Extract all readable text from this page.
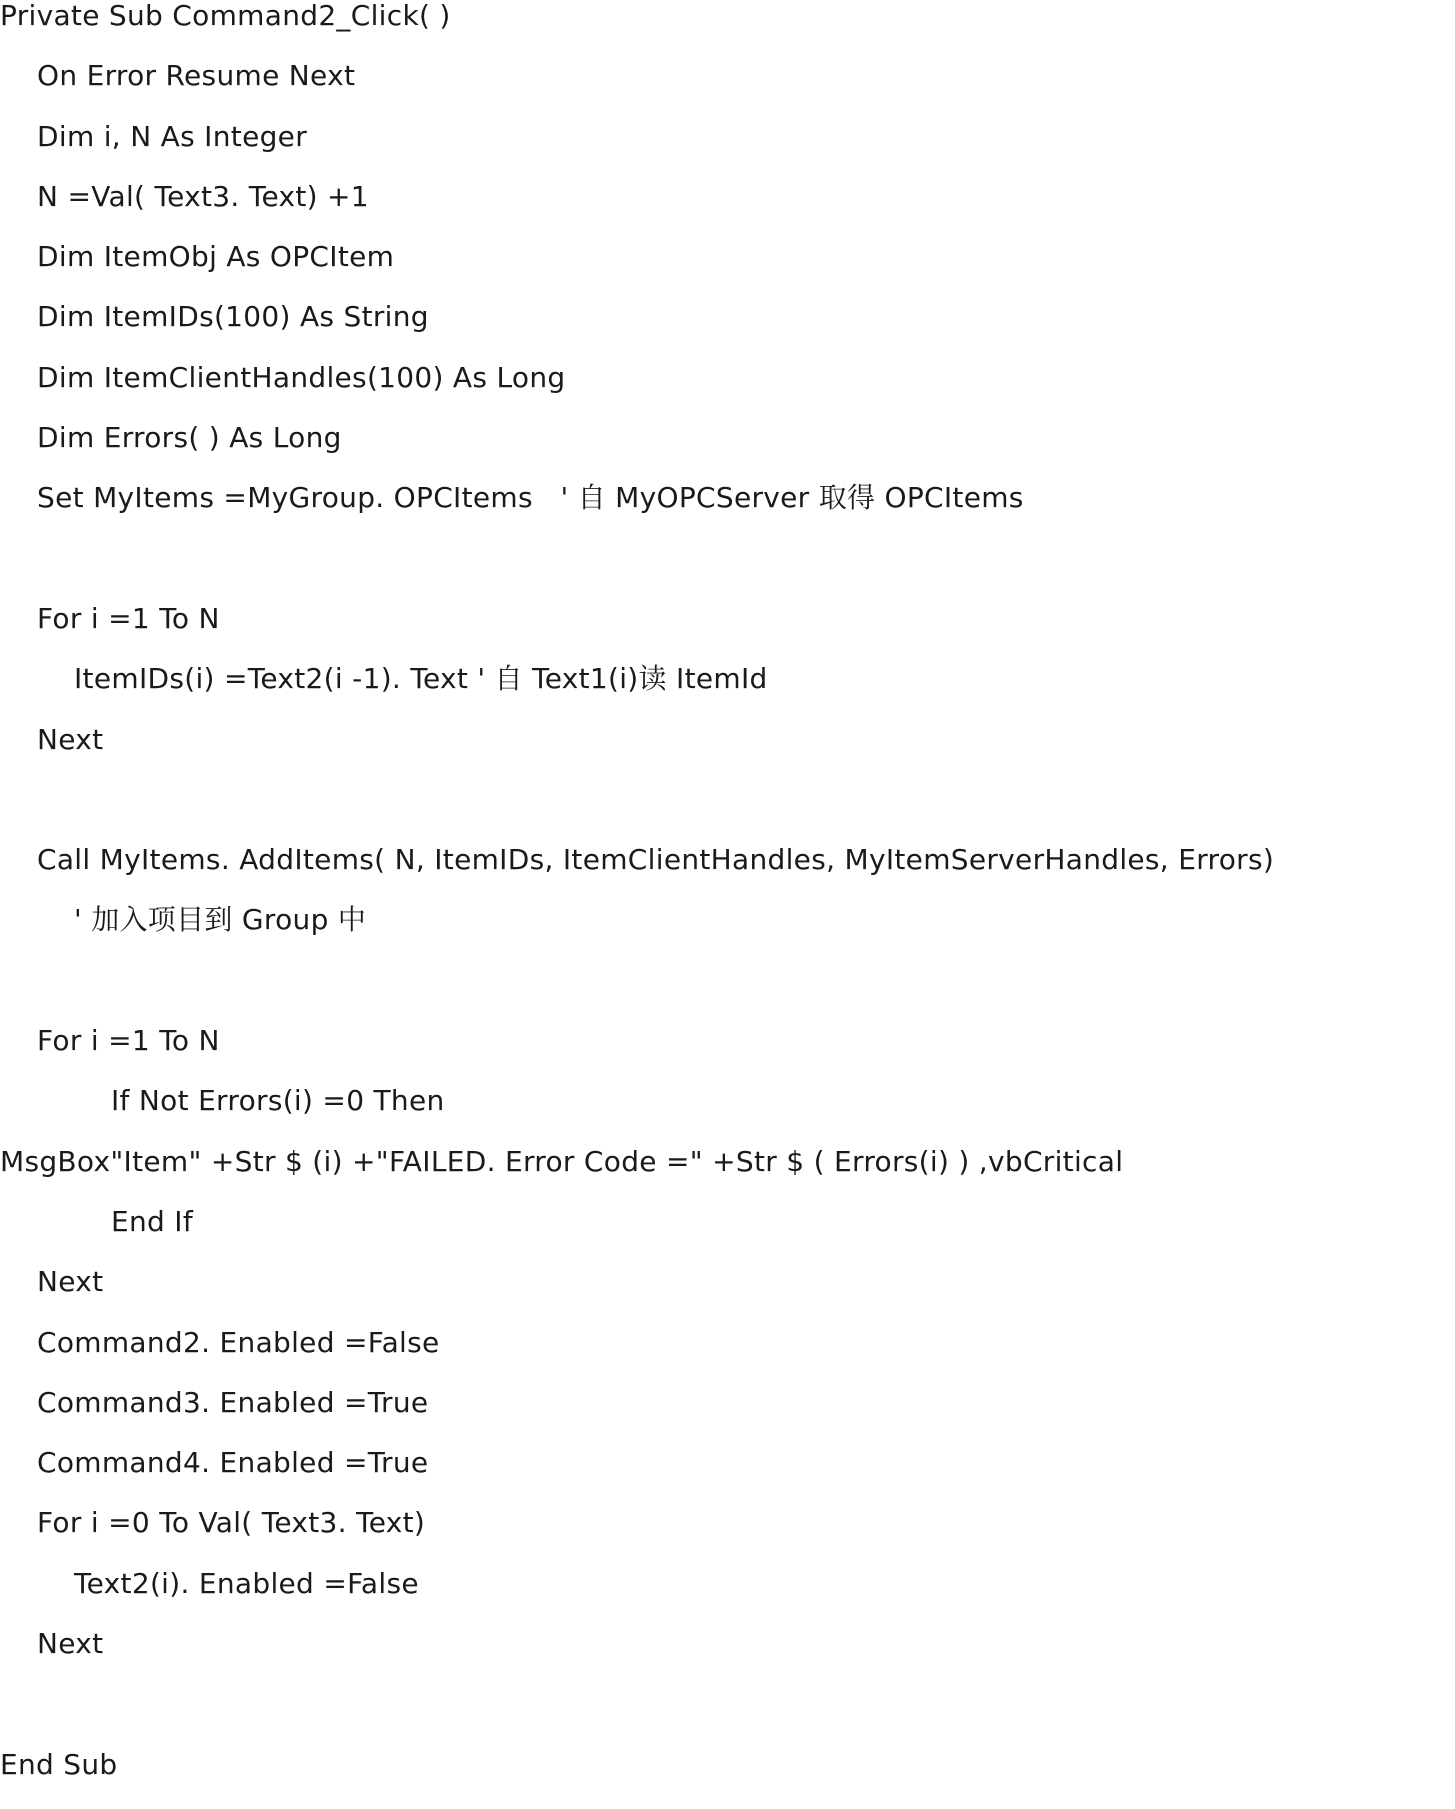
Private Sub Command2_Click( )
On Error Resume Next
Dim i, N As Integer
N =Val( Text3. Text) +1
Dim ItemObj As OPCItem
Dim ItemIDs(100) As String
Dim ItemClientHandles(100) As Long
Dim Errors( ) As Long
Set MyItems =MyGroup. OPCItems   ' 自 MyOPCServer 取得 OPCItems
For i =1 To N
ItemIDs(i) =Text2(i -1). Text ' 自 Text1(i)读 ItemId
Next
Call MyItems. AddItems( N, ItemIDs, ItemClientHandles, MyItemServerHandles, Errors)
' 加入项目到 Group 中
For i =1 To N
If Not Errors(i) =0 Then
MsgBox"Item" +Str $ (i) +"FAILED. Error Code =" +Str $ ( Errors(i) ) ,vbCritical
End If
Next
Command2. Enabled =False
Command3. Enabled =True
Command4. Enabled =True
For i =0 To Val( Text3. Text)
Text2(i). Enabled =False
Next
End Sub
